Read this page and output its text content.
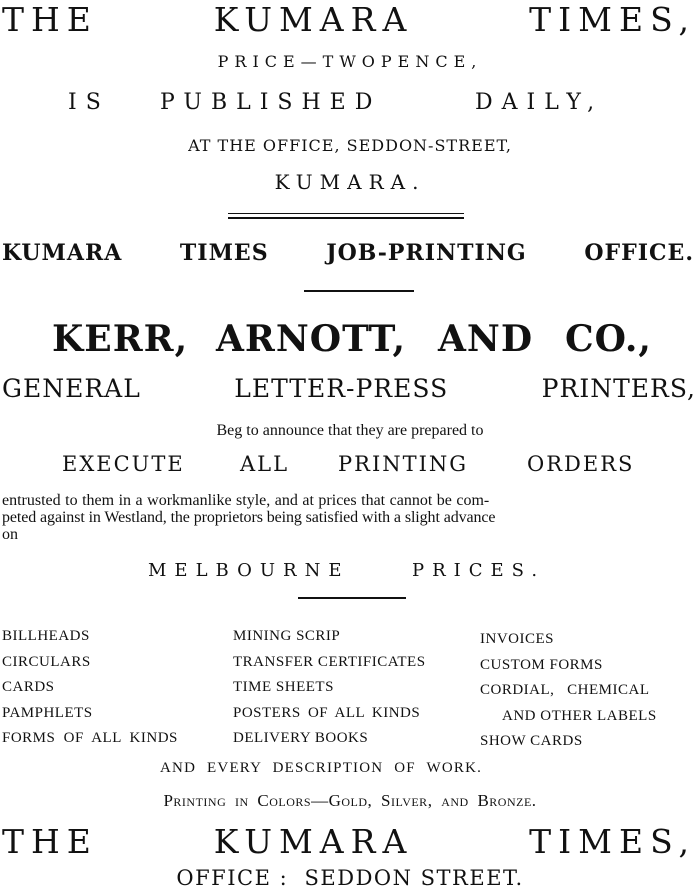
THE	KUMARA	TIMES,
PRICE—TWOPENCE,
IS PUBLISHED	DAILY,
AT THE OFFICE, SEDDON-STREET,
KUMARA.
KUMARA	TIMES	JOB-PRINTING	OFFICE.
KERR, ARNOTT, AND CO.,
GENERAL	LETTER-PRESS	PRINTERS,
Beg to announce that they are prepared to
EXECUTE	ALL PRINTING	ORDERS
entrusted to them in a workmanlike style, and at prices that cannot be com-
peted against in Westland, the proprietors being satisfied with a slight advance
on
MELBOURNE	PRICES.
BILLHEADS
CIRCULARS
CARDS
PAMPHLETS
FORMS OF ALL KINDS
MINING SCRIP
TRANSFER CERTIFICATES
TIME SHEETS
POSTERS OF ALL KINDS
DELIVERY BOOKS
INVOICES
CUSTOM FORMS
CORDIAL,   CHEMICAL
AND OTHER LABELS
SHOW CARDS
AND EVERY DESCRIPTION OF WORK.
Printing in Colors—Gold, Silver, and Bronze.
THE	KUMARA	TIMES,
OFFICE :  SEDDON STREET.
